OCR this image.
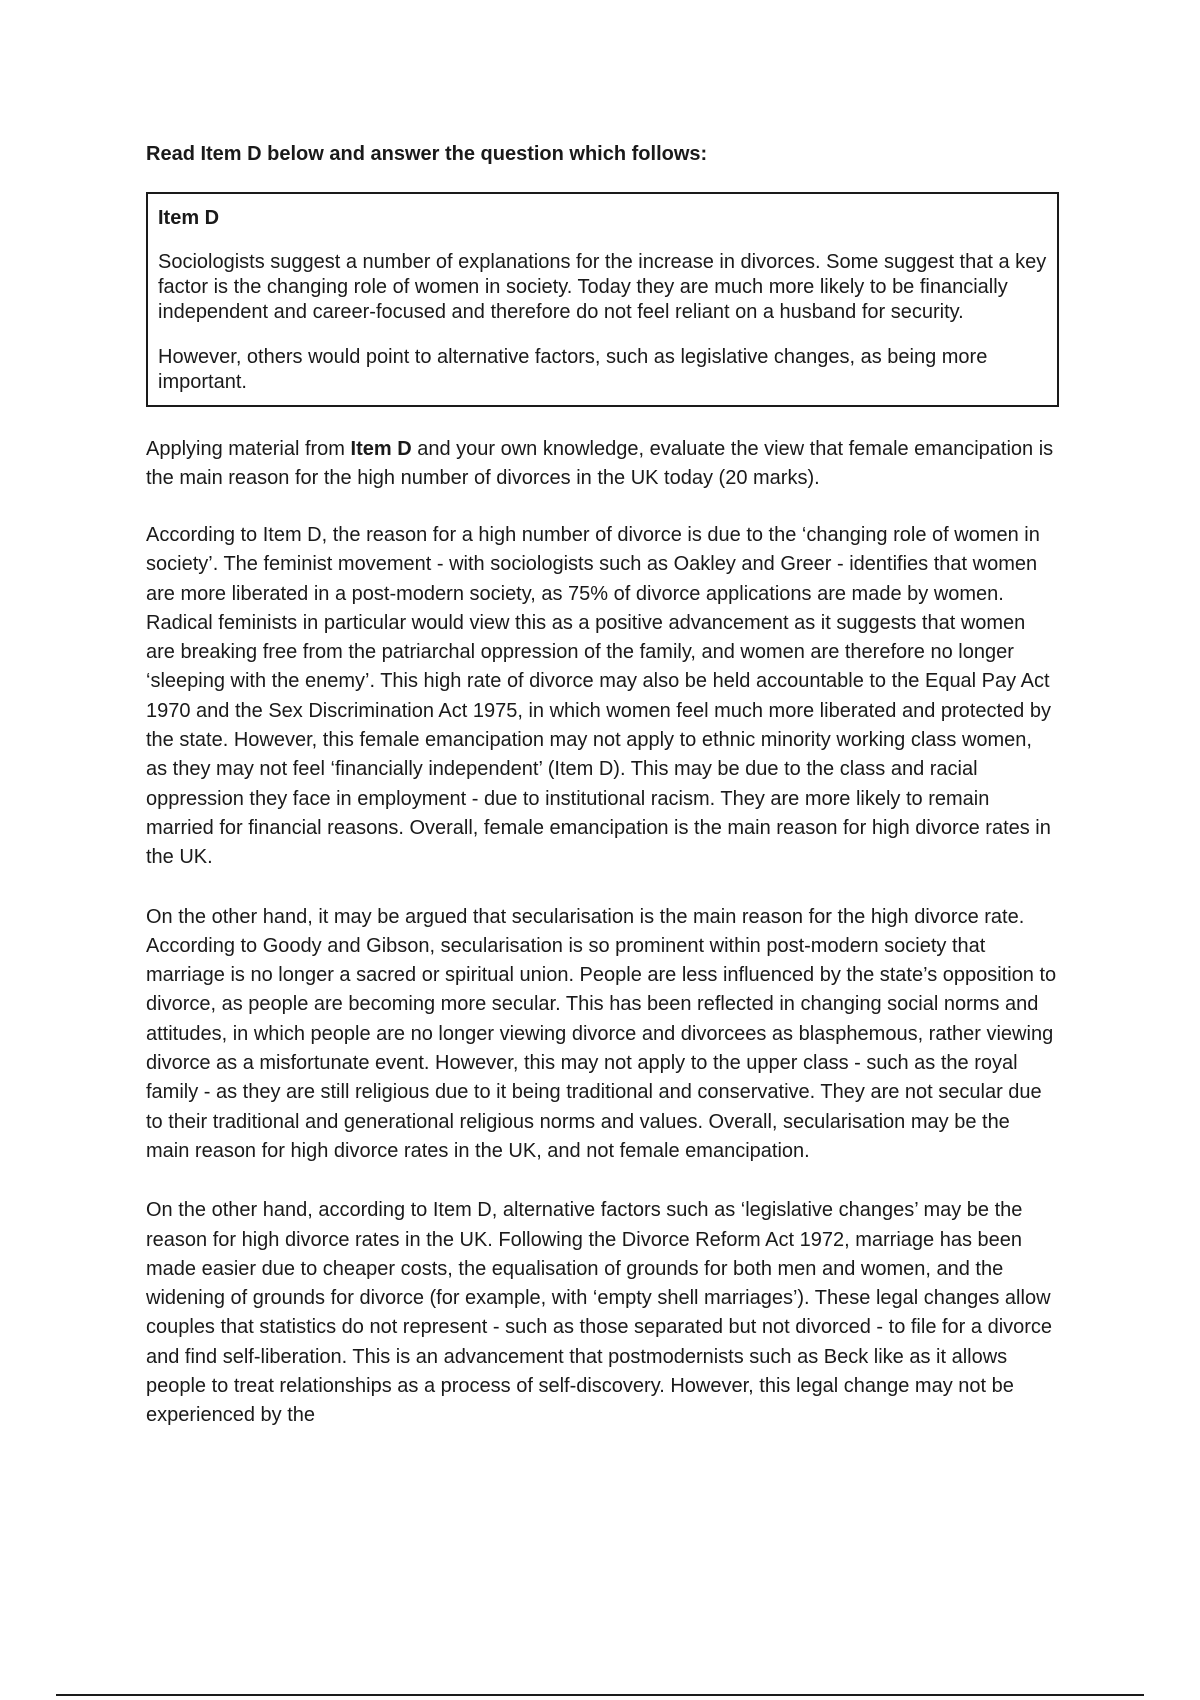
Read Item D below and answer the question which follows:

Item D

Sociologists suggest a number of explanations for the increase in divorces. Some suggest that a key factor is the changing role of women in society. Today they are much more likely to be financially independent and career-focused and therefore do not feel reliant on a husband for security.

However, others would point to alternative factors, such as legislative changes, as being more important.

Applying material from Item D and your own knowledge, evaluate the view that female emancipation is the main reason for the high number of divorces in the UK today (20 marks).

According to Item D, the reason for a high number of divorce is due to the ‘changing role of women in society’. The feminist movement - with sociologists such as Oakley and Greer - identifies that women are more liberated in a post-modern society, as 75% of divorce applications are made by women. Radical feminists in particular would view this as a positive advancement as it suggests that women are breaking free from the patriarchal oppression of the family, and women are therefore no longer ‘sleeping with the enemy’. This high rate of divorce may also be held accountable to the Equal Pay Act 1970 and the Sex Discrimination Act 1975, in which women feel much more liberated and protected by the state. However, this female emancipation may not apply to ethnic minority working class women, as they may not feel ‘financially independent’ (Item D). This may be due to the class and racial oppression they face in employment - due to institutional racism. They are more likely to remain married for financial reasons. Overall, female emancipation is the main reason for high divorce rates in the UK.

On the other hand, it may be argued that secularisation is the main reason for the high divorce rate. According to Goody and Gibson, secularisation is so prominent within post-modern society that marriage is no longer a sacred or spiritual union. People are less influenced by the state’s opposition to divorce, as people are becoming more secular. This has been reflected in changing social norms and attitudes, in which people are no longer viewing divorce and divorcees as blasphemous, rather viewing divorce as a misfortunate event. However, this may not apply to the upper class - such as the royal family - as they are still religious due to it being traditional and conservative. They are not secular due to their traditional and generational religious norms and values. Overall, secularisation may be the main reason for high divorce rates in the UK, and not female emancipation.

On the other hand, according to Item D, alternative factors such as ‘legislative changes’ may be the reason for high divorce rates in the UK. Following the Divorce Reform Act 1972, marriage has been made easier due to cheaper costs, the equalisation of grounds for both men and women, and the widening of grounds for divorce (for example, with ‘empty shell marriages’). These legal changes allow couples that statistics do not represent - such as those separated but not divorced - to file for a divorce and find self-liberation. This is an advancement that postmodernists such as Beck like as it allows people to treat relationships as a process of self-discovery. However, this legal change may not be experienced by the
